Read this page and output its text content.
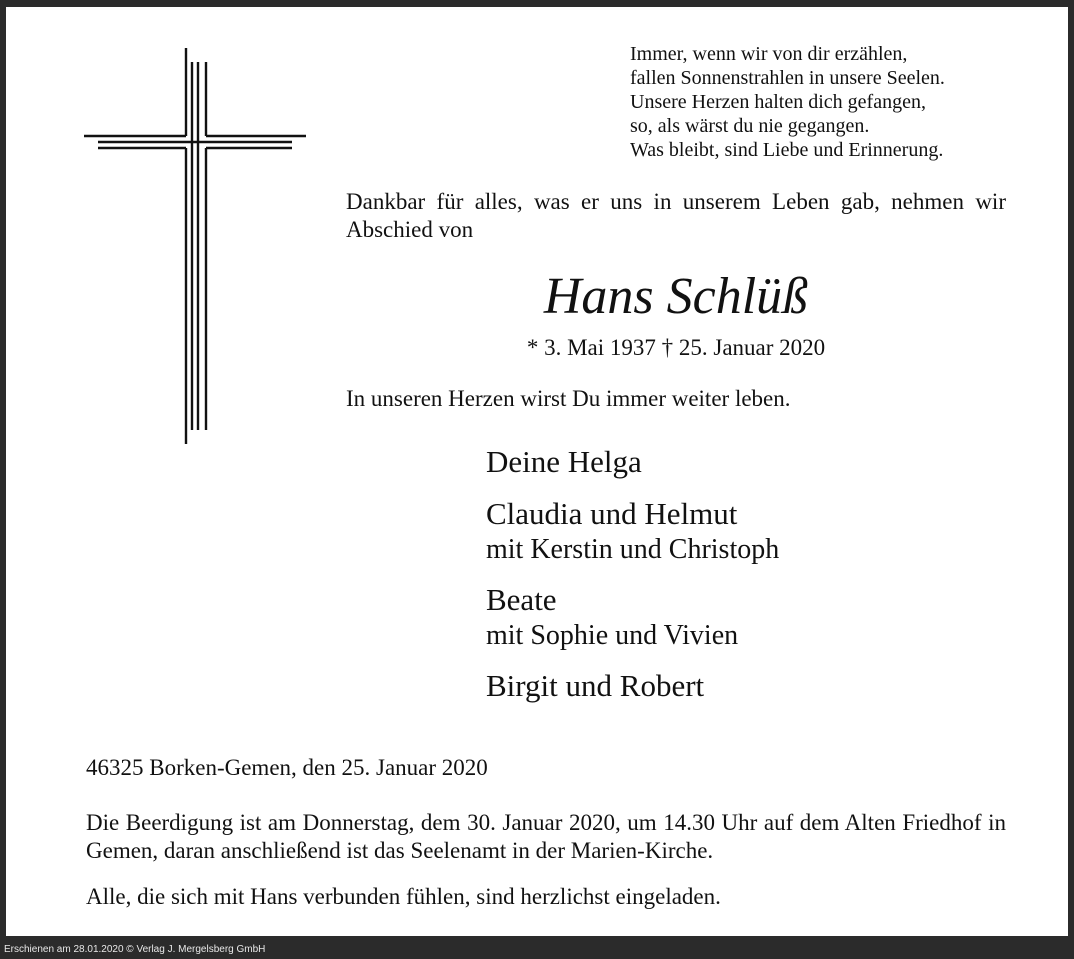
Immer, wenn wir von dir erzählen,
fallen Sonnenstrahlen in unsere Seelen.
Unsere Herzen halten dich gefangen,
so, als wärst du nie gegangen.
Was bleibt, sind Liebe und Erinnerung.
Dankbar für alles, was er uns in unserem Leben gab, nehmen wir Abschied von
Hans Schlüß
* 3. Mai 1937 † 25. Januar 2020
In unseren Herzen wirst Du immer weiter leben.
Deine Helga
Claudia und Helmut
mit Kerstin und Christoph
Beate
mit Sophie und Vivien
Birgit und Robert
46325 Borken-Gemen, den 25. Januar 2020
Die Beerdigung ist am Donnerstag, dem 30. Januar 2020, um 14.30 Uhr auf dem Alten Friedhof in Gemen, daran anschließend ist das Seelenamt in der Marien-Kirche.
Alle, die sich mit Hans verbunden fühlen, sind herzlichst eingeladen.
Erschienen am 28.01.2020 © Verlag J. Mergelsberg GmbH
